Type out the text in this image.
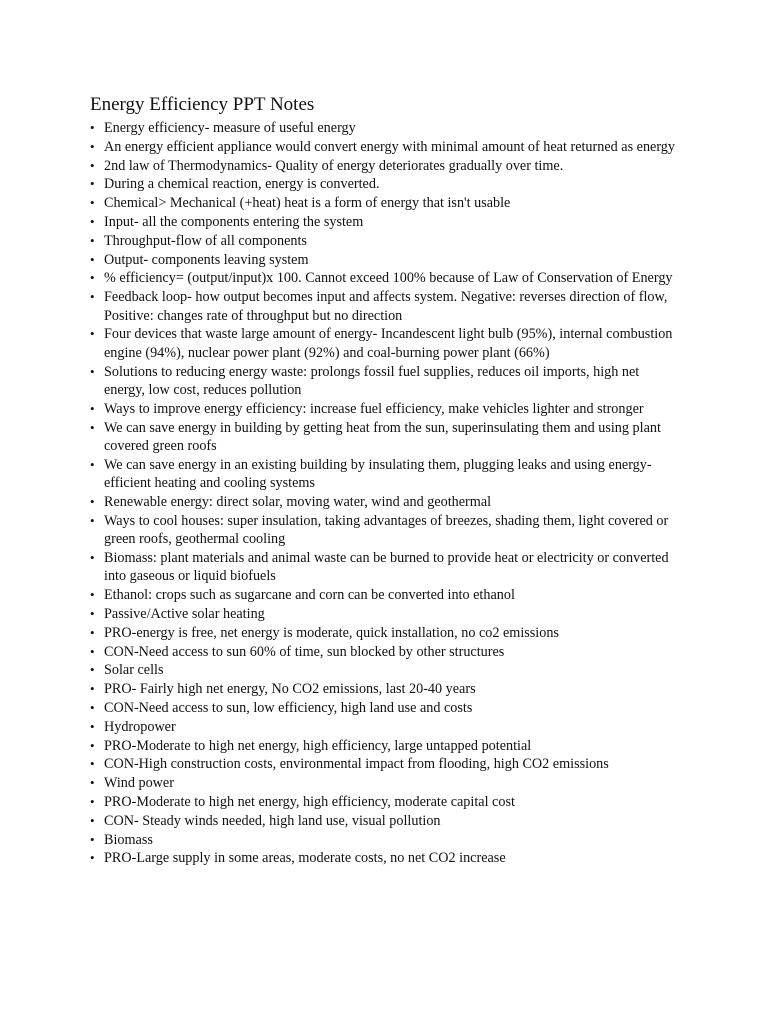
Energy Efficiency PPT Notes
• Energy efficiency- measure of useful energy
• An energy efficient appliance would convert energy with minimal amount of heat returned as energy
• 2nd law of Thermodynamics- Quality of energy deteriorates gradually over time.
• During a chemical reaction, energy is converted.
• Chemical> Mechanical (+heat) heat is a form of energy that isn't usable
• Input- all the components entering the system
• Throughput-flow of all components
• Output- components leaving system
• % efficiency= (output/input)x 100. Cannot exceed 100% because of Law of Conservation of Energy
• Feedback loop- how output becomes input and affects system. Negative: reverses direction of flow, Positive: changes rate of throughput but no direction
• Four devices that waste large amount of energy- Incandescent light bulb (95%), internal combustion engine (94%), nuclear power plant (92%) and coal-burning power plant (66%)
• Solutions to reducing energy waste: prolongs fossil fuel supplies, reduces oil imports, high net energy, low cost, reduces pollution
• Ways to improve energy efficiency: increase fuel efficiency, make vehicles lighter and stronger
• We can save energy in building by getting heat from the sun, superinsulating them and using plant covered green roofs
• We can save energy in an existing building by insulating them, plugging leaks and using energy-efficient heating and cooling systems
• Renewable energy: direct solar, moving water, wind and geothermal
• Ways to cool houses: super insulation, taking advantages of breezes, shading them, light covered or green roofs, geothermal cooling
• Biomass: plant materials and animal waste can be burned to provide heat or electricity or converted into gaseous or liquid biofuels
• Ethanol: crops such as sugarcane and corn can be converted into ethanol
• Passive/Active solar heating
• PRO-energy is free, net energy is moderate, quick installation, no co2 emissions
• CON-Need access to sun 60% of time, sun blocked by other structures
• Solar cells
• PRO- Fairly high net energy, No CO2 emissions, last 20-40 years
• CON-Need access to sun, low efficiency, high land use and costs
• Hydropower
• PRO-Moderate to high net energy, high efficiency, large untapped potential
• CON-High construction costs, environmental impact from flooding, high CO2 emissions
• Wind power
• PRO-Moderate to high net energy, high efficiency, moderate capital cost
• CON- Steady winds needed, high land use, visual pollution
• Biomass
• PRO-Large supply in some areas, moderate costs, no net CO2 increase
